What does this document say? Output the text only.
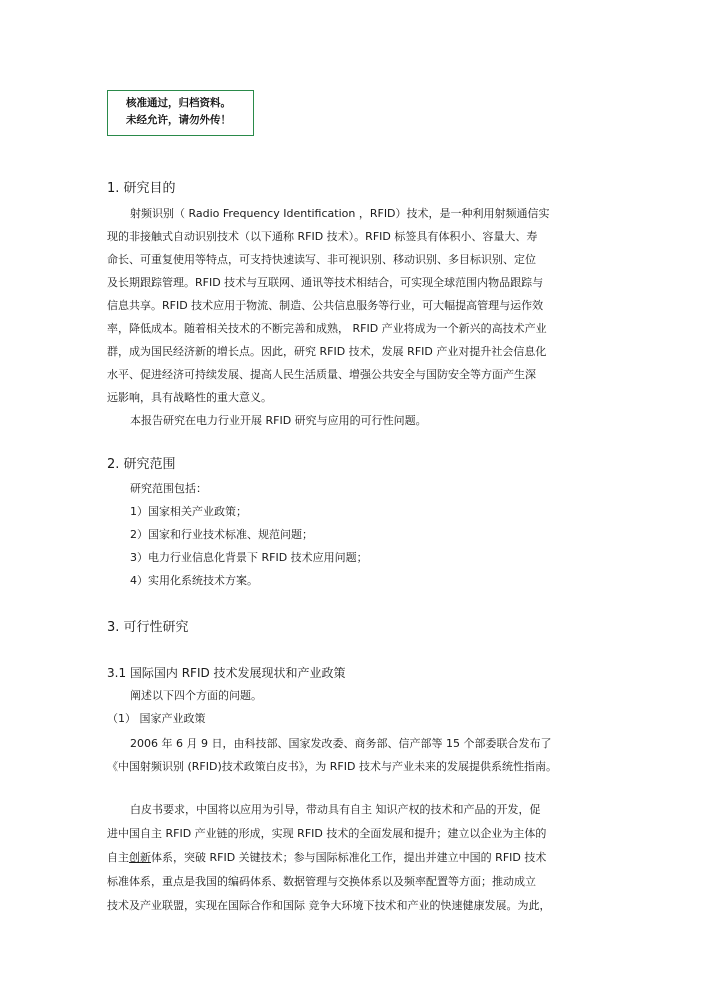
核准通过，归档资料。
未经允许，请勿外传！
1. 研究目的
射频识别（ Radio Frequency Identification ，RFID）技术，是一种利用射频通信实
现的非接触式自动识别技术（以下通称 RFID 技术）。RFID 标签具有体积小、容量大、寿
命长、可重复使用等特点，可支持快速读写、非可视识别、移动识别、多目标识别、定位
及长期跟踪管理。RFID 技术与互联网、通讯等技术相结合，可实现全球范围内物品跟踪与
信息共享。RFID 技术应用于物流、制造、公共信息服务等行业，可大幅提高管理与运作效
率，降低成本。随着相关技术的不断完善和成熟， RFID 产业将成为一个新兴的高技术产业
群，成为国民经济新的增长点。因此，研究 RFID 技术，发展 RFID 产业对提升社会信息化
水平、促进经济可持续发展、提高人民生活质量、增强公共安全与国防安全等方面产生深
远影响，具有战略性的重大意义。
本报告研究在电力行业开展 RFID 研究与应用的可行性问题。
2. 研究范围
研究范围包括：
1）国家相关产业政策；
2）国家和行业技术标准、规范问题；
3）电力行业信息化背景下 RFID 技术应用问题；
4）实用化系统技术方案。
3. 可行性研究
3.1 国际国内 RFID 技术发展现状和产业政策
阐述以下四个方面的问题。
（1） 国家产业政策
2006 年 6 月 9 日，由科技部、国家发改委、商务部、信产部等 15 个部委联合发布了
《中国射频识别 (RFID)技术政策白皮书》，为 RFID 技术与产业未来的发展提供系统性指南。
白皮书要求，中国将以应用为引导，带动具有自主 知识产权的技术和产品的开发，促
进中国自主 RFID 产业链的形成，实现 RFID 技术的全面发展和提升；建立以企业为主体的
自主创新体系，突破 RFID 关键技术；参与国际标准化工作，提出并建立中国的 RFID 技术
标准体系，重点是我国的编码体系、数据管理与交换体系以及频率配置等方面；推动成立
技术及产业联盟，实现在国际合作和国际 竞争大环境下技术和产业的快速健康发展。为此，
